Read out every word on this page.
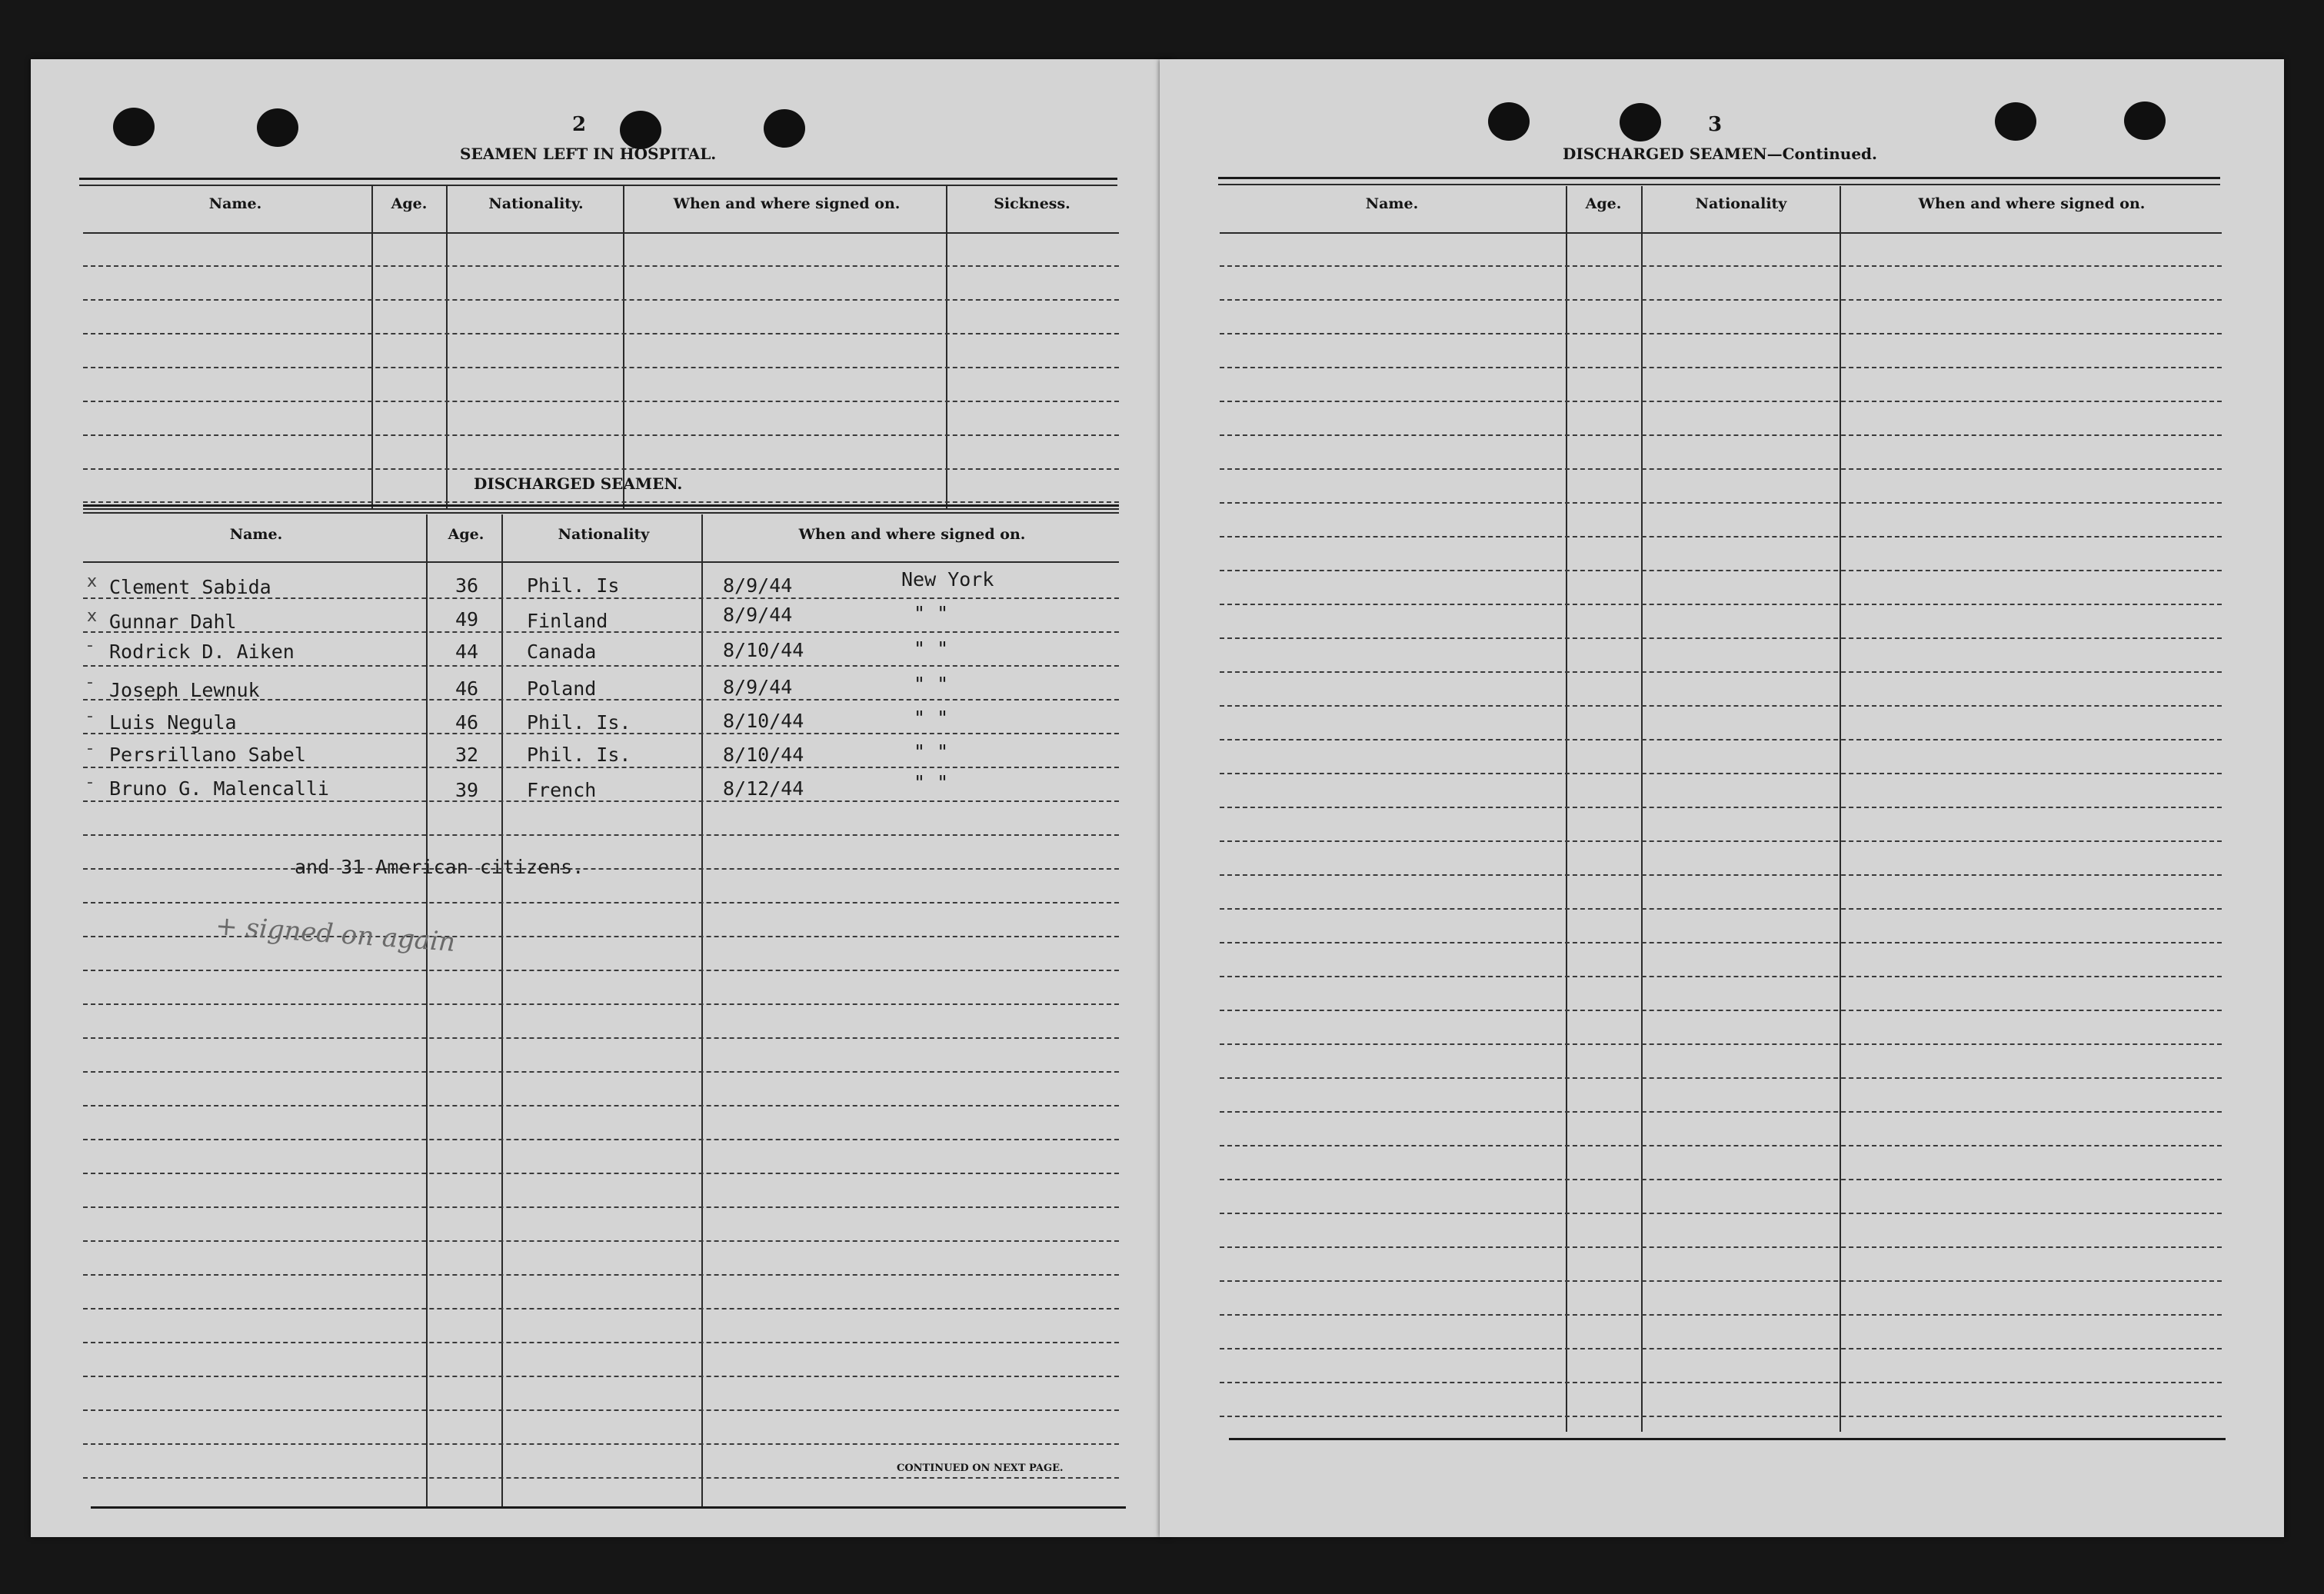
2
SEAMEN LEFT IN HOSPITAL.
Name.	Age.	Nationality.	When and where signed on.	Sickness.
DISCHARGED SEAMEN.
Name.	Age.	Nationality	When and where signed on.
x Clement Sabida	36	Phil. Is	8/9/44	New York
x Gunnar Dahl	49	Finland	8/9/44	" "
- Rodrick D. Aiken	44	Canada	8/10/44	" "
- Joseph Lewnuk	46	Poland	8/9/44	" "
- Luis Negula	46	Phil. Is.	8/10/44	" "
- Persrillano Sabel	32	Phil. Is.	8/10/44	" "
- Bruno G. Malencalli	39	French	8/12/44	" "
and 31 American citizens.
+ signed on again
CONTINUED ON NEXT PAGE.
3
DISCHARGED SEAMEN—Continued.
Name.	Age.	Nationality	When and where signed on.
